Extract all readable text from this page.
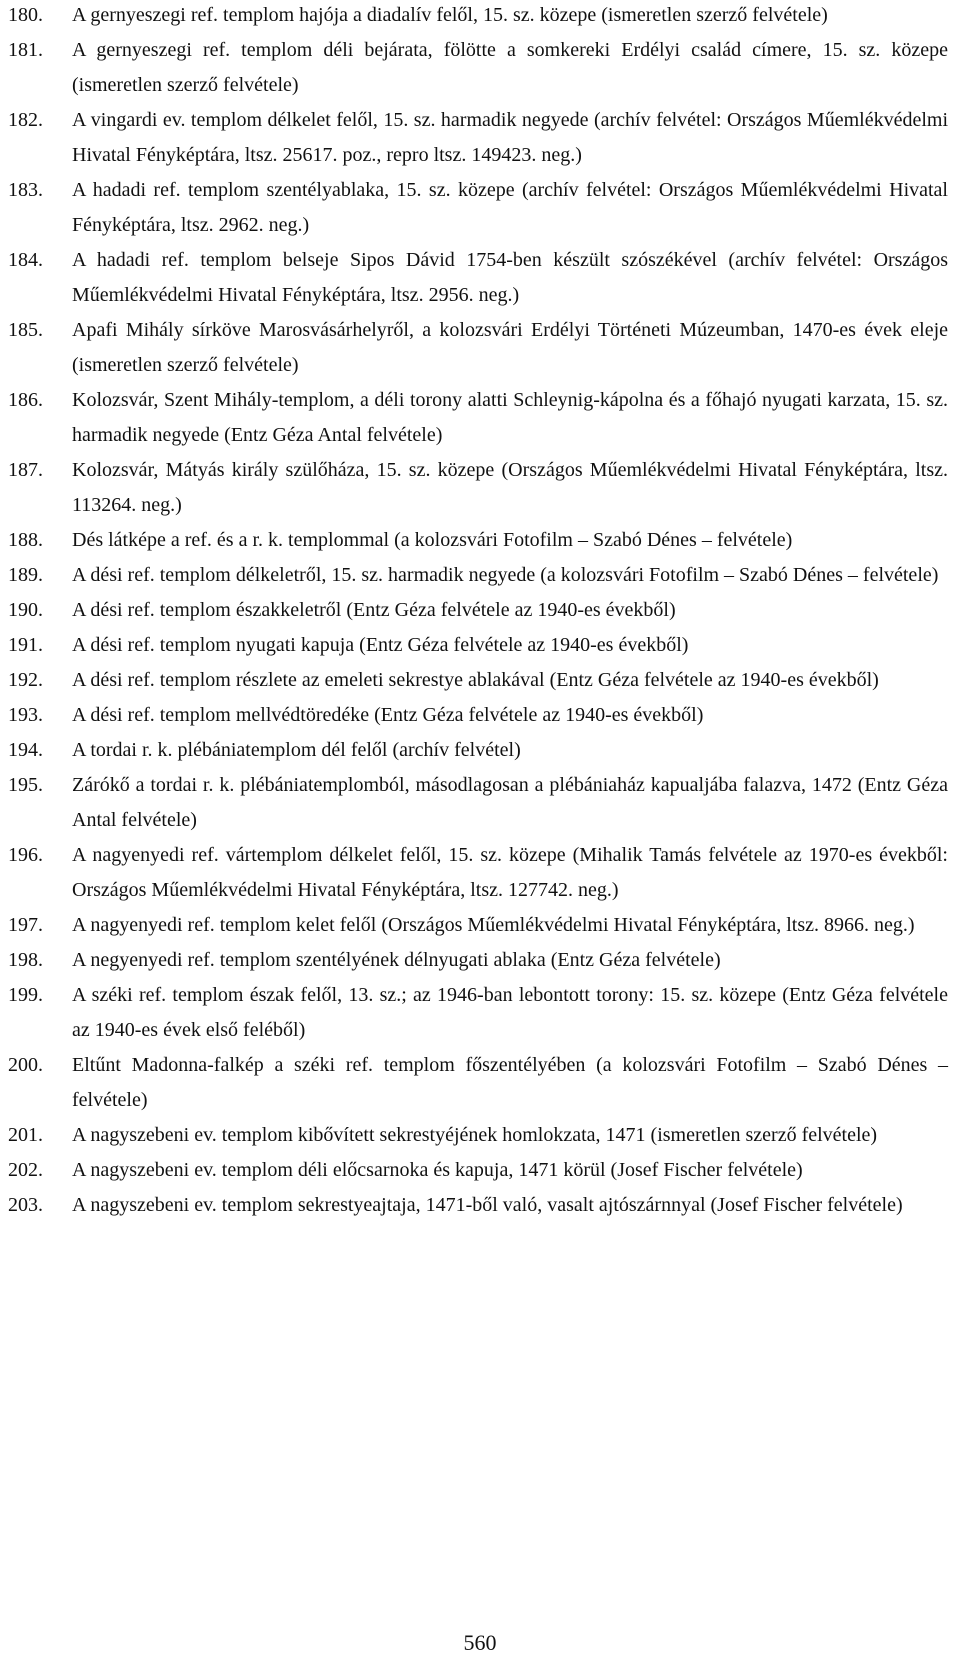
180.	A gernyeszegi ref. templom hajója a diadalív felől, 15. sz. közepe (ismeretlen szerző felvétele)
181.	A gernyeszegi ref. templom déli bejárata, fölötte a somkereki Erdélyi család címere, 15. sz. közepe (ismeretlen szerző felvétele)
182.	A vingardi ev. templom délkelet felől, 15. sz. harmadik negyede (archív felvétel: Országos Műemlékvédelmi Hivatal Fényképtára, ltsz. 25617. poz., repro ltsz. 149423. neg.)
183.	A hadadi ref. templom szentélyablaka, 15. sz. közepe (archív felvétel: Országos Műemlékvédelmi Hivatal Fényképtára, ltsz. 2962. neg.)
184.	A hadadi ref. templom belseje Sipos Dávid 1754-ben készült szószékével (archív felvétel: Országos Műemlékvédelmi Hivatal Fényképtára, ltsz. 2956. neg.)
185.	Apafi Mihály sírköve Marosvásárhelyről, a kolozsvári Erdélyi Történeti Múzeumban, 1470-es évek eleje (ismeretlen szerző felvétele)
186.	Kolozsvár, Szent Mihály-templom, a déli torony alatti Schleynig-kápolna és a főhajó nyugati karzata, 15. sz. harmadik negyede (Entz Géza Antal felvétele)
187.	Kolozsvár, Mátyás király szülőháza, 15. sz. közepe (Országos Műemlékvédelmi Hivatal Fényképtára, ltsz. 113264. neg.)
188.	Dés látképe a ref. és a r. k. templommal (a kolozsvári Fotofilm – Szabó Dénes – felvétele)
189.	A dési ref. templom délkeletről, 15. sz. harmadik negyede (a kolozsvári Fotofilm – Szabó Dénes – felvétele)
190.	A dési ref. templom északkeletről (Entz Géza felvétele az 1940-es évekből)
191.	A dési ref. templom nyugati kapuja (Entz Géza felvétele az 1940-es évekből)
192.	A dési ref. templom részlete az emeleti sekrestye ablakával (Entz Géza felvétele az 1940-es évekből)
193.	A dési ref. templom mellvédtöredéke (Entz Géza felvétele az 1940-es évekből)
194.	A tordai r. k. plébániatemplom dél felől (archív felvétel)
195.	Zárókő a tordai r. k. plébániatemplomból, másodlagosan a plébániaház kapualjába falazva, 1472 (Entz Géza Antal felvétele)
196.	A nagyenyedi ref. vártemplom délkelet felől, 15. sz. közepe (Mihalik Tamás felvétele az 1970-es évekből: Országos Műemlékvédelmi Hivatal Fényképtára, ltsz. 127742. neg.)
197.	A nagyenyedi ref. templom kelet felől (Országos Műemlékvédelmi Hivatal Fényképtára, ltsz. 8966. neg.)
198.	A negyenyedi ref. templom szentélyének délnyugati ablaka (Entz Géza felvétele)
199.	A széki ref. templom észak felől, 13. sz.; az 1946-ban lebontott torony: 15. sz. közepe (Entz Géza felvétele az 1940-es évek első feléből)
200.	Eltűnt Madonna-falkép a széki ref. templom főszentélyében (a kolozsvári Fotofilm – Szabó Dénes – felvétele)
201.	A nagyszebeni ev. templom kibővített sekrestyéjének homlokzata, 1471 (ismeretlen szerző felvétele)
202.	A nagyszebeni ev. templom déli előcsarnoka és kapuja, 1471 körül (Josef Fischer felvétele)
203.	A nagyszebeni ev. templom sekrestyeajtaja, 1471-ből való, vasalt ajtószárnnyal (Josef Fischer felvétele)
560
